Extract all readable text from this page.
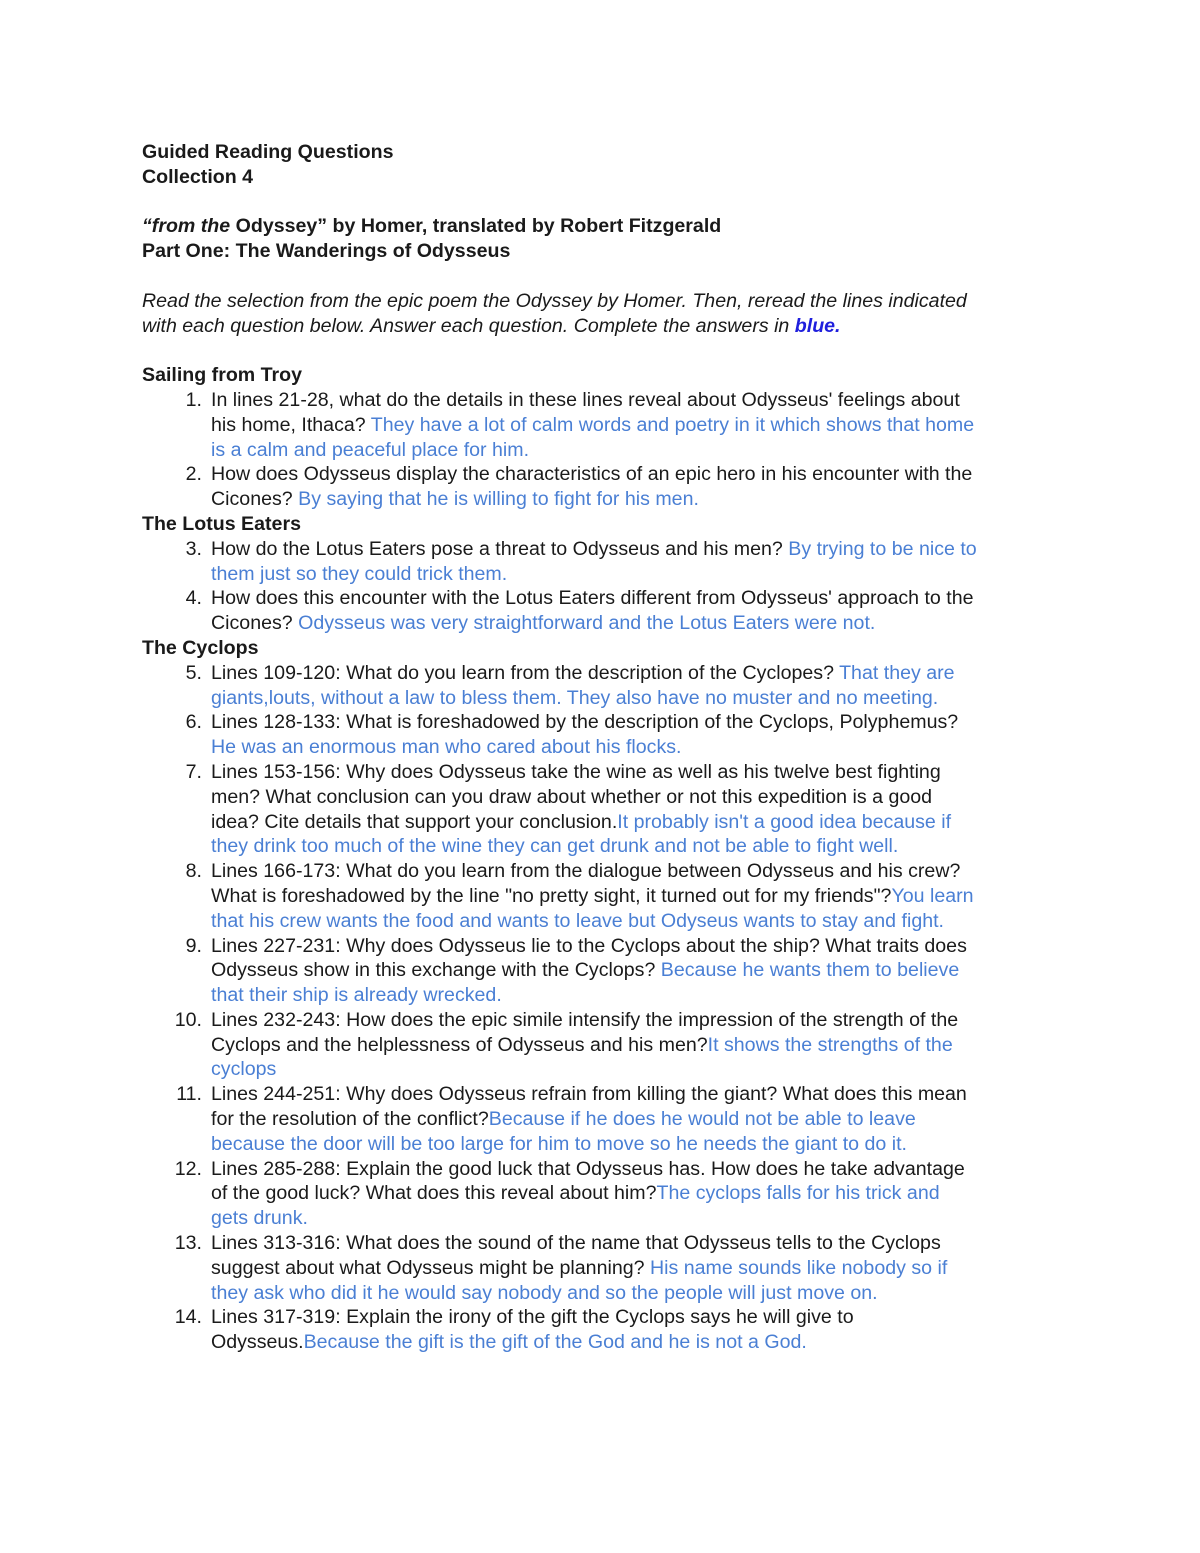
Guided Reading Questions
Collection 4
“from the Odyssey” by Homer, translated by Robert Fitzgerald
Part One: The Wanderings of Odysseus
Read the selection from the epic poem the Odyssey by Homer. Then, reread the lines indicated
with each question below. Answer each question. Complete the answers in blue.
Sailing from Troy
1. In lines 21-28, what do the details in these lines reveal about Odysseus' feelings about
his home, Ithaca? They have a lot of calm words and poetry in it which shows that home
is a calm and peaceful place for him.
2. How does Odysseus display the characteristics of an epic hero in his encounter with the
Cicones? By saying that he is willing to fight for his men.
The Lotus Eaters
3. How do the Lotus Eaters pose a threat to Odysseus and his men? By trying to be nice to
them just so they could trick them.
4. How does this encounter with the Lotus Eaters different from Odysseus' approach to the
Cicones? Odysseus was very straightforward and the Lotus Eaters were not.
The Cyclops
5. Lines 109-120: What do you learn from the description of the Cyclopes? That they are
giants,louts, without a law to bless them. They also have no muster and no meeting.
6. Lines 128-133: What is foreshadowed by the description of the Cyclops, Polyphemus?
He was an enormous man who cared about his flocks.
7. Lines 153-156: Why does Odysseus take the wine as well as his twelve best fighting
men? What conclusion can you draw about whether or not this expedition is a good
idea? Cite details that support your conclusion.It probably isn't a good idea because if
they drink too much of the wine they can get drunk and not be able to fight well.
8. Lines 166-173: What do you learn from the dialogue between Odysseus and his crew?
What is foreshadowed by the line "no pretty sight, it turned out for my friends"?You learn
that his crew wants the food and wants to leave but Odyseus wants to stay and fight.
9. Lines 227-231: Why does Odysseus lie to the Cyclops about the ship? What traits does
Odysseus show in this exchange with the Cyclops? Because he wants them to believe
that their ship is already wrecked.
10. Lines 232-243: How does the epic simile intensify the impression of the strength of the
Cyclops and the helplessness of Odysseus and his men?It shows the strengths of the
cyclops
11. Lines 244-251: Why does Odysseus refrain from killing the giant? What does this mean
for the resolution of the conflict?Because if he does he would not be able to leave
because the door will be too large for him to move so he needs the giant to do it.
12. Lines 285-288: Explain the good luck that Odysseus has. How does he take advantage
of the good luck? What does this reveal about him?The cyclops falls for his trick and
gets drunk.
13. Lines 313-316: What does the sound of the name that Odysseus tells to the Cyclops
suggest about what Odysseus might be planning? His name sounds like nobody so if
they ask who did it he would say nobody and so the people will just move on.
14. Lines 317-319: Explain the irony of the gift the Cyclops says he will give to
Odysseus.Because the gift is the gift of the God and he is not a God.
